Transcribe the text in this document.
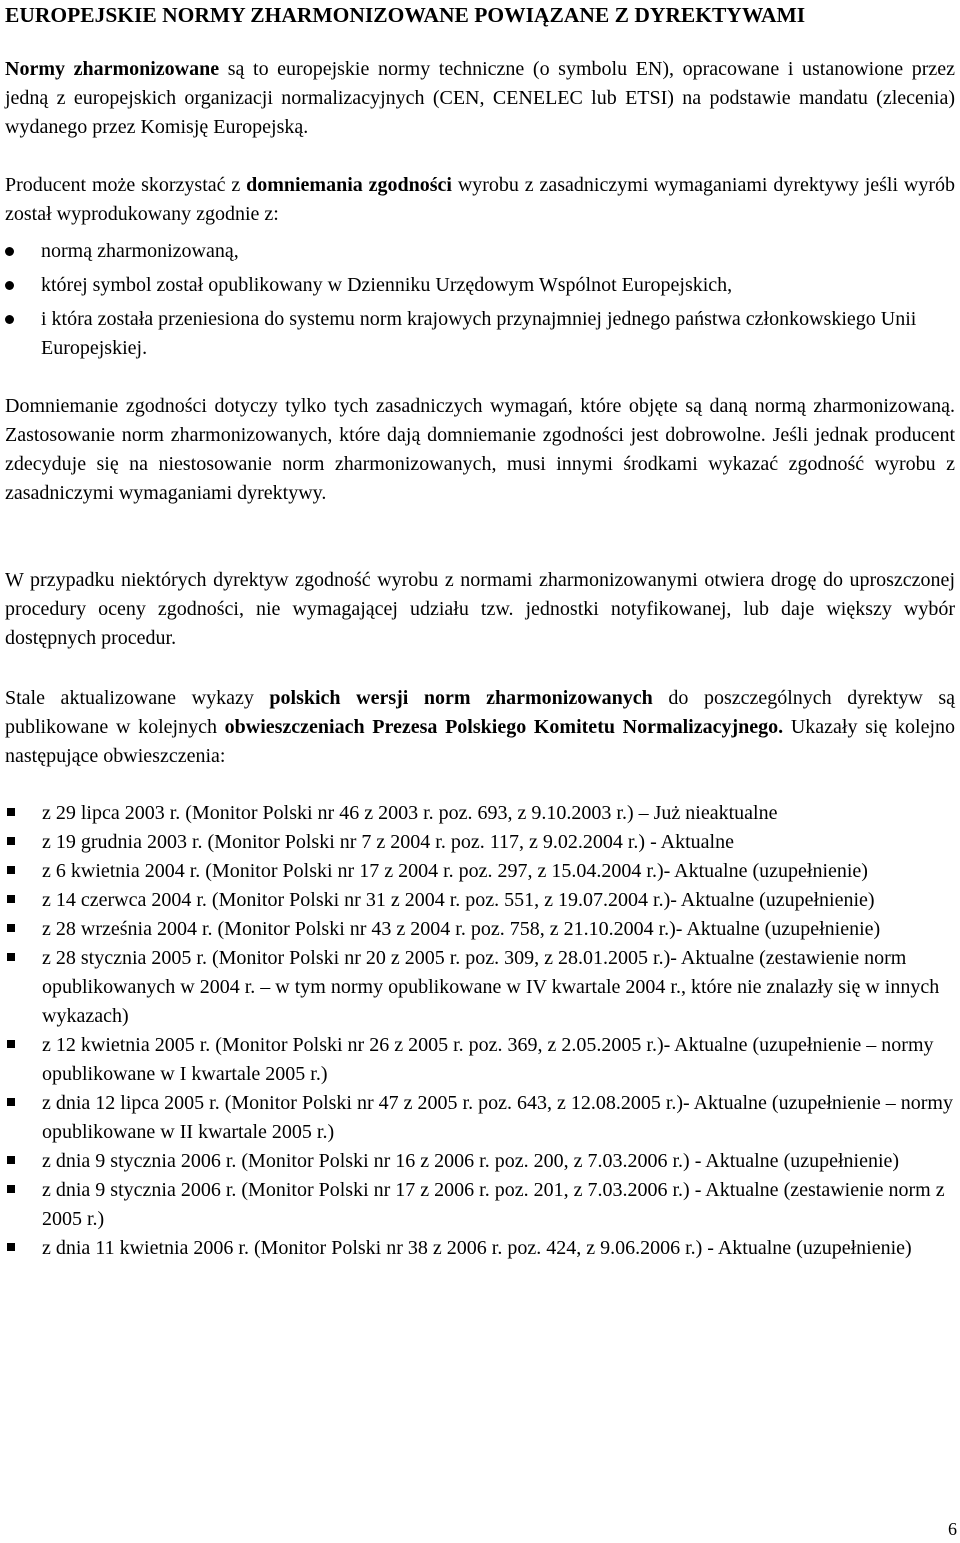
EUROPEJSKIE NORMY ZHARMONIZOWANE POWIĄZANE Z DYREKTYWAMI

Normy zharmonizowane są to europejskie normy techniczne (o symbolu EN), opracowane i ustanowione przez jedną z europejskich organizacji normalizacyjnych (CEN, CENELEC lub ETSI) na podstawie mandatu (zlecenia) wydanego przez Komisję Europejską.

Producent może skorzystać z domniemania zgodności wyrobu z zasadniczymi wymaganiami dyrektywy jeśli wyrób został wyprodukowany zgodnie z:

normą zharmonizowaną,
której symbol został opublikowany w Dzienniku Urzędowym Wspólnot Europejskich,
i która została przeniesiona do systemu norm krajowych przynajmniej jednego państwa członkowskiego Unii Europejskiej.

Domniemanie zgodności dotyczy tylko tych zasadniczych wymagań, które objęte są daną normą zharmonizowaną. Zastosowanie norm zharmonizowanych, które dają domniemanie zgodności jest dobrowolne. Jeśli jednak producent zdecyduje się na niestosowanie norm zharmonizowanych, musi innymi środkami wykazać zgodność wyrobu z zasadniczymi wymaganiami dyrektywy.

W przypadku niektórych dyrektyw zgodność wyrobu z normami zharmonizowanymi otwiera drogę do uproszczonej procedury oceny zgodności, nie wymagającej udziału tzw. jednostki notyfikowanej, lub daje większy wybór dostępnych procedur.

Stale aktualizowane wykazy polskich wersji norm zharmonizowanych do poszczególnych dyrektyw są publikowane w kolejnych obwieszczeniach Prezesa Polskiego Komitetu Normalizacyjnego. Ukazały się kolejno następujące obwieszczenia:

z 29 lipca 2003 r. (Monitor Polski nr 46 z 2003 r. poz. 693, z 9.10.2003 r.) – Już nieaktualne
z 19 grudnia 2003 r. (Monitor Polski nr 7 z 2004 r. poz. 117, z 9.02.2004 r.) - Aktualne
z 6 kwietnia 2004 r. (Monitor Polski nr 17 z 2004 r. poz. 297, z 15.04.2004 r.)- Aktualne (uzupełnienie)
z 14 czerwca 2004 r. (Monitor Polski nr 31 z 2004 r. poz. 551, z 19.07.2004 r.)- Aktualne (uzupełnienie)
z 28 września 2004 r. (Monitor Polski nr 43 z 2004 r. poz. 758, z 21.10.2004 r.)- Aktualne (uzupełnienie)
z 28 stycznia 2005 r. (Monitor Polski nr 20 z 2005 r. poz. 309, z 28.01.2005 r.)- Aktualne (zestawienie norm opublikowanych w 2004 r. – w tym normy opublikowane w IV kwartale 2004 r., które nie znalazły się w innych wykazach)
z 12 kwietnia 2005 r. (Monitor Polski nr 26 z 2005 r. poz. 369, z 2.05.2005 r.)- Aktualne (uzupełnienie – normy opublikowane w I kwartale 2005 r.)
z dnia 12 lipca 2005 r. (Monitor Polski nr 47 z 2005 r. poz. 643, z 12.08.2005 r.)- Aktualne (uzupełnienie – normy opublikowane w II kwartale 2005 r.)
z dnia 9 stycznia 2006 r. (Monitor Polski nr 16 z 2006 r. poz. 200, z 7.03.2006 r.) - Aktualne (uzupełnienie)
z dnia 9 stycznia 2006 r. (Monitor Polski nr 17 z 2006 r. poz. 201, z 7.03.2006 r.) - Aktualne (zestawienie norm z 2005 r.)
z dnia 11 kwietnia 2006 r. (Monitor Polski nr 38 z 2006 r. poz. 424, z 9.06.2006 r.) - Aktualne (uzupełnienie)
6
